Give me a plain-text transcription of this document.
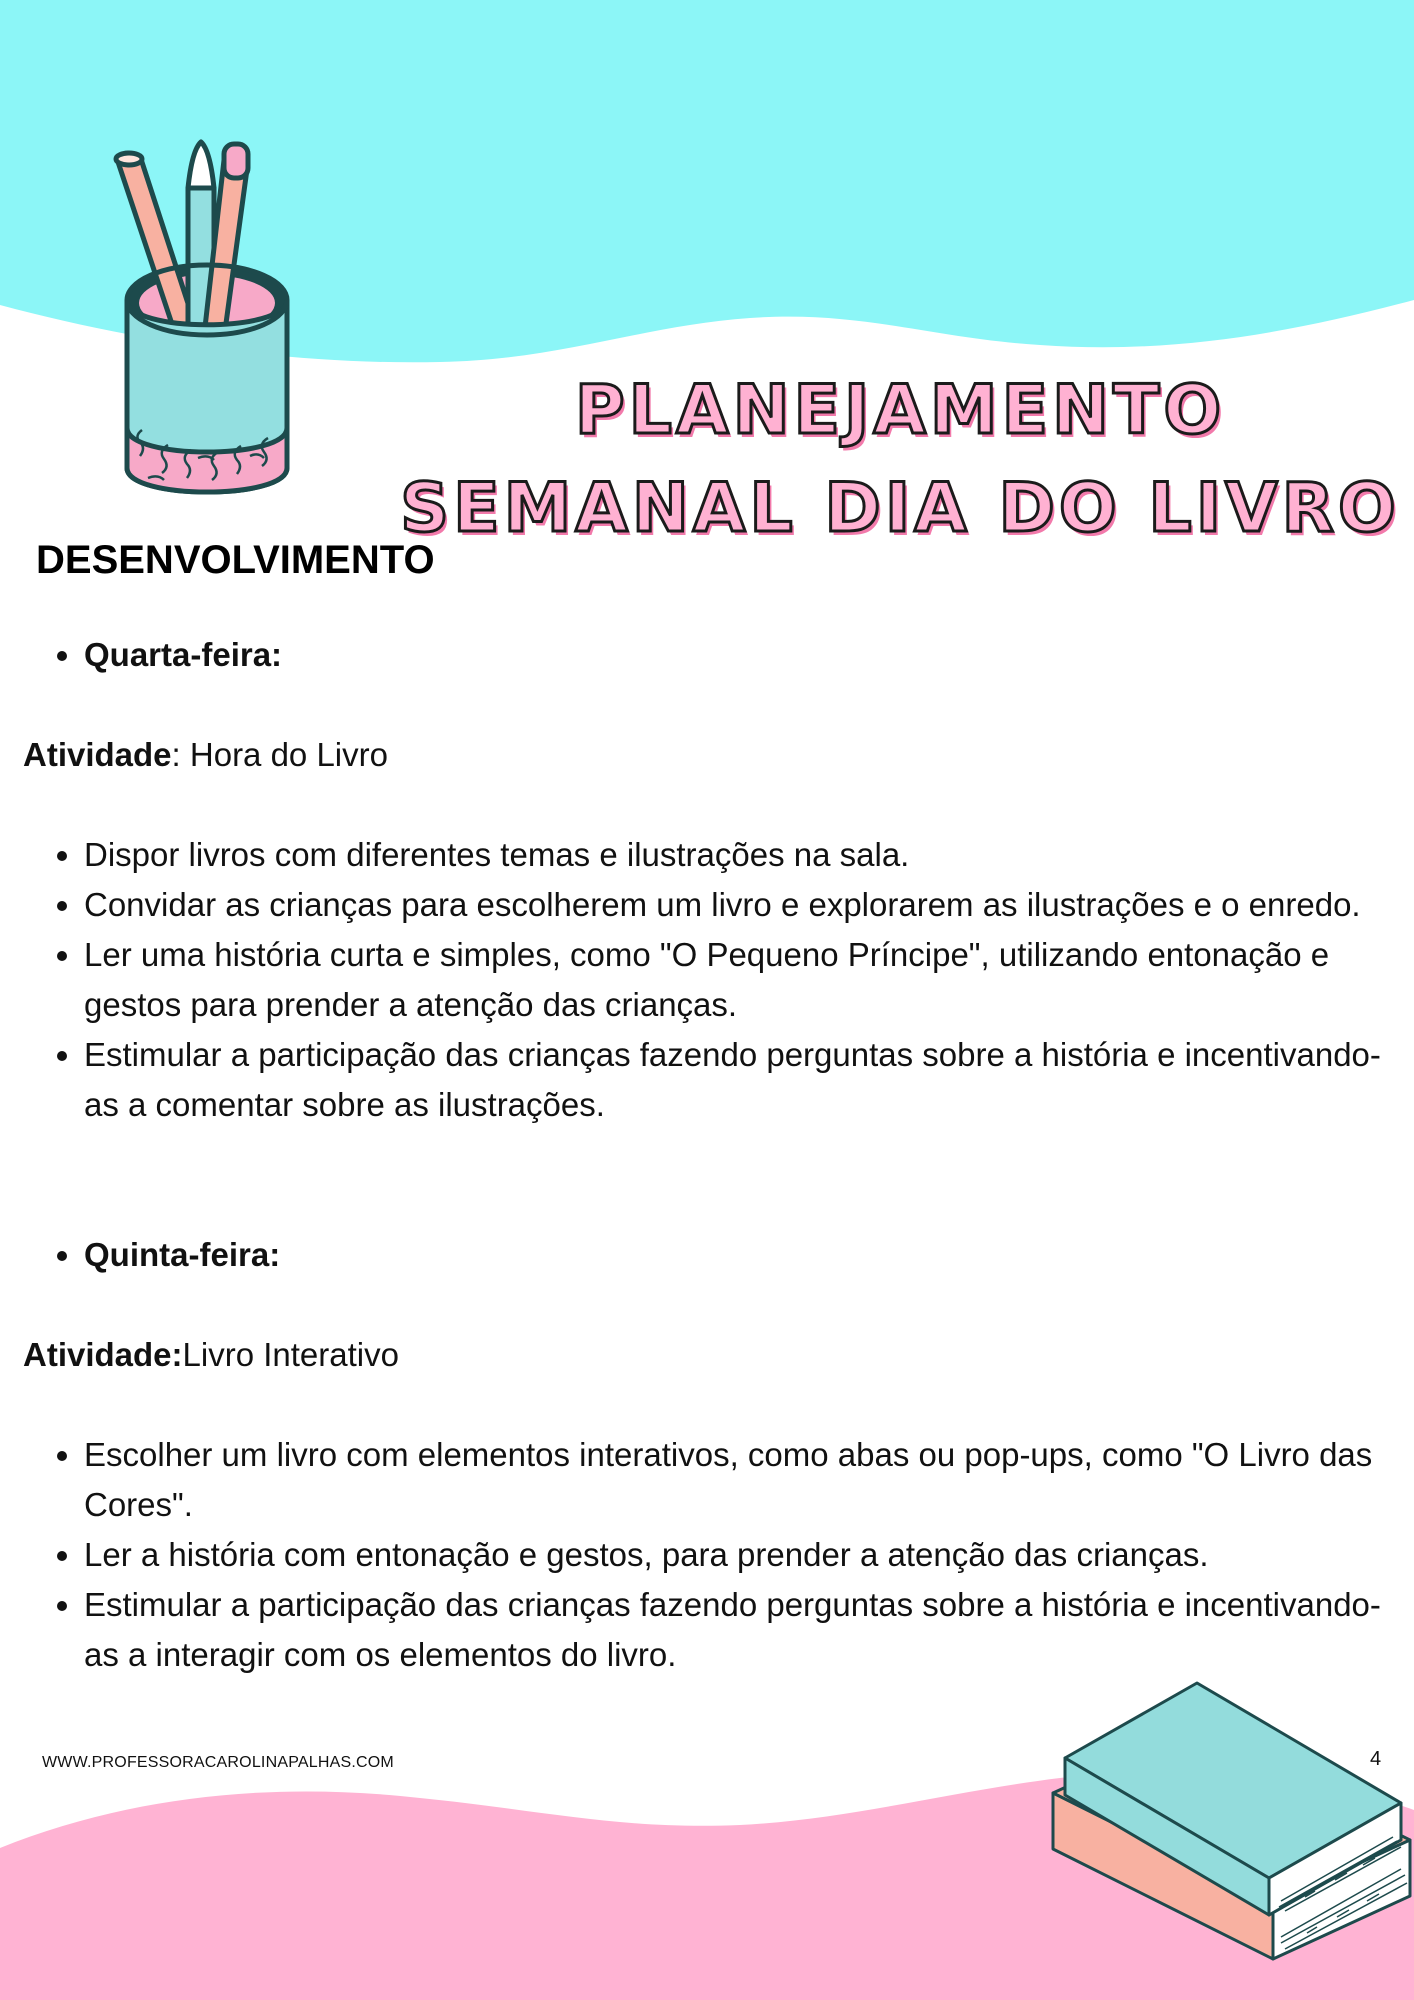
PLANEJAMENTO
SEMANAL DIA DO LIVRO
DESENVOLVIMENTO
• Quarta-feira:

Atividade: Hora do Livro

• Dispor livros com diferentes temas e ilustrações na sala.
• Convidar as crianças para escolherem um livro e explorarem as ilustrações e o enredo.
• Ler uma história curta e simples, como "O Pequeno Príncipe", utilizando entonação e gestos para prender a atenção das crianças.
• Estimular a participação das crianças fazendo perguntas sobre a história e incentivando-as a comentar sobre as ilustrações.
• Quinta-feira:

Atividade:Livro Interativo

• Escolher um livro com elementos interativos, como abas ou pop-ups, como "O Livro das Cores".
• Ler a história com entonação e gestos, para prender a atenção das crianças.
• Estimular a participação das crianças fazendo perguntas sobre a história e incentivando-as a interagir com os elementos do livro.
WWW.PROFESSORACAROLINAPALHAS.COM	4
